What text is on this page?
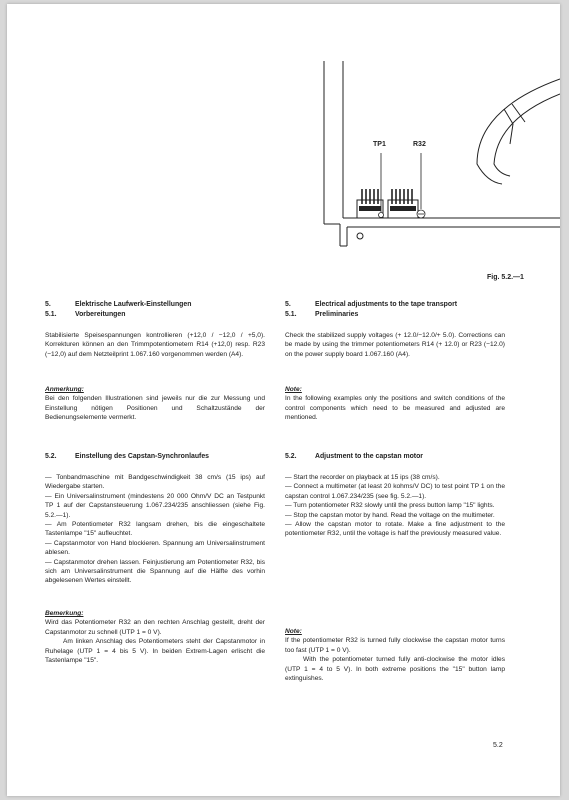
TP1	R32
Fig. 5.2.—1
5.	Elektrische Laufwerk-Einstellungen
5.1.	Vorbereitungen

Stabilisierte Speisespannungen kontrollieren (+12,0 / −12,0 / +5,0). Korrekturen können an den Trimmpotentiometern R14 (+12,0) resp. R23 (−12,0) auf dem Netzteilprint 1.067.160 vorgenommen werden (A4).

Anmerkung:

Bei den folgenden Illustrationen sind jeweils nur die zur Messung und Einstellung nötigen Positionen und Schaltzustände der Bedienungselemente vermerkt.

5.2.	Einstellung des Capstan-Synchronlaufes

— Tonbandmaschine mit Bandgeschwindigkeit 38 cm/s (15 ips) auf Wiedergabe starten.

— Ein Universalinstrument (mindestens 20 000 Ohm/V DC an Testpunkt TP 1 auf der Capstansteuerung 1.067.234/235 anschliessen (siehe Fig. 5.2.—1).

— Am Potentiometer R32 langsam drehen, bis die eingeschaltete Tastenlampe "15" aufleuchtet.

— Capstanmotor von Hand blockieren. Spannung am Universalinstrument ablesen.

— Capstanmotor drehen lassen. Feinjustierung am Potentiometer R32, bis sich am Universalinstrument die Spannung auf die Hälfte des vorhin abgelesenen Wertes einstellt.

Bemerkung:

Wird das Potentiometer R32 an den rechten Anschlag gestellt, dreht der Capstanmotor zu schnell (UTP 1 = 0 V).

Am linken Anschlag des Potentiometers steht der Capstanmotor in Ruhelage (UTP 1 = 4 bis 5 V). In beiden Extrem-Lagen erlischt die Tastenlampe "15".

5.	Electrical adjustments to the tape transport
5.1.	Preliminaries

Check the stabilized supply voltages (+ 12.0/−12.0/+ 5.0). Corrections can be made by using the trimmer potentiometers R14 (+ 12.0) or R23 (−12.0) on the power supply board 1.067.160 (A4).

Note:

In the following examples only the positions and switch conditions of the control components which need to be measured and adjusted are mentioned.

5.2.	Adjustment to the capstan motor

— Start the recorder on playback at 15 ips (38 cm/s).

— Connect a multimeter (at least 20 kohms/V DC) to test point TP 1 on the capstan control 1.067.234/235 (see fig. 5.2.—1).

— Turn potentiometer R32 slowly until the press button lamp "15" lights.

— Stop the capstan motor by hand. Read the voltage on the multimeter.

— Allow the capstan motor to rotate. Make a fine adjustment to the potentiometer R32, until the voltage is half the previously measured value.

Note:

If the potentiometer R32 is turned fully clockwise the capstan motor turns too fast (UTP 1 = 0 V).

With the potentiometer turned fully anti-clockwise the motor idles (UTP 1 = 4 to 5 V). In both extreme positions the "15" button lamp extinguishes.

5.2
